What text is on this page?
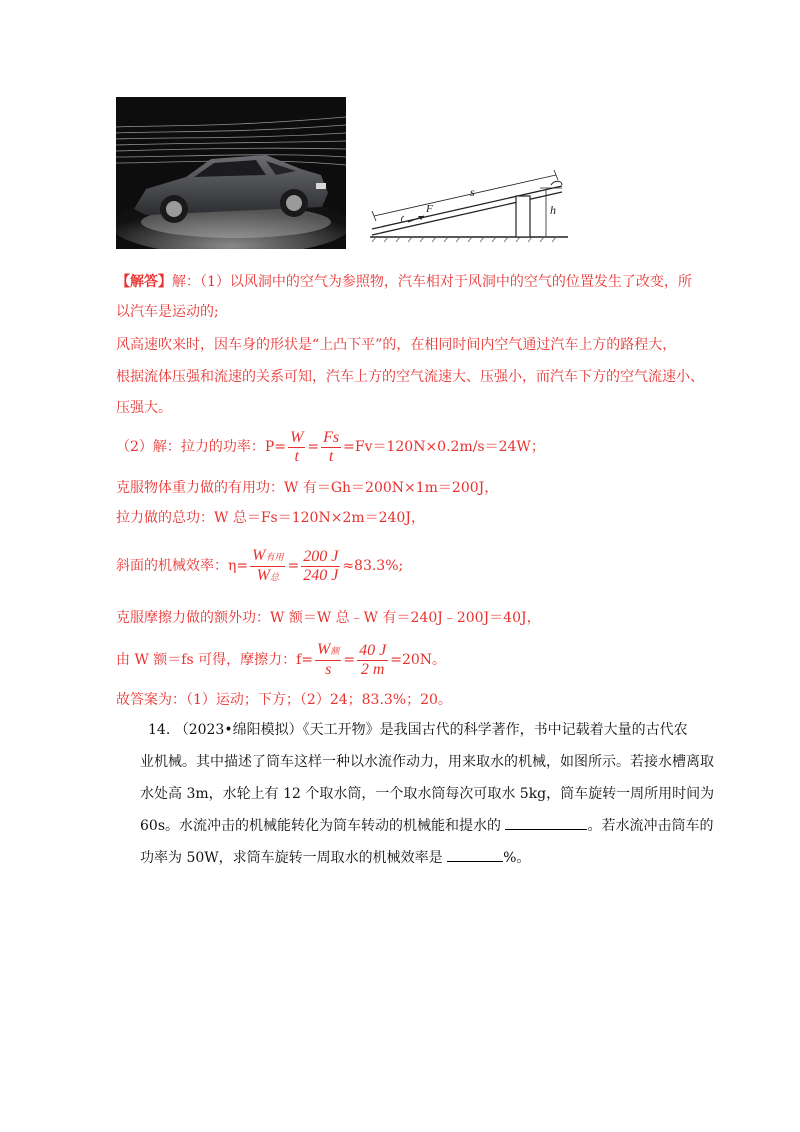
s
F	h
【解答】解：（1）以风洞中的空气为参照物，汽车相对于风洞中的空气的位置发生了改变，所
以汽车是运动的;
风高速吹来时，因车身的形状是“上凸下平”的，在相同时间内空气通过汽车上方的路程大，
根据流体压强和流速的关系可知，汽车上方的空气流速大、压强小，而汽车下方的空气流速小、
压强大。
（2）解：拉力的功率：$P= \frac{W}{t} = \frac{Fs}{t} =Fv=120N\times 0.2m/s=24W$；
克服物体重力做的有用功：W 有＝Gh＝200N×1m＝200J，
拉力做的总功：W 总＝Fs＝120N×2m＝240J，
斜面的机械效率：$\eta= \frac{\text{W有用}}{\text{W总}} = \frac{200 J}{240 J} \approx 83.3\%$;
克服摩擦力做的额外功：W 额＝W 总﹣W 有＝240J﹣200J＝40J，
由 W 额＝fs 可得，摩擦力：$f= \frac{\text{W额}}{s} = \frac{40 J}{2 m} =20N$。
故答案为：（1）运动；下方；（2）24；83.3%；20。
14. （2023•绵阳模拟）《天工开物》是我国古代的科学著作，书中记载着大量的古代农
业机械。其中描述了筒车这样一种以水流作动力，用来取水的机械，如图所示。若接水槽离取
水处高 3m，水轮上有 12 个取水筒，一个取水筒每次可取水 5kg，筒车旋转一周所用时间为
60s。水流冲击的机械能转化为筒车转动的机械能和提水的	。若水流冲击筒车的
功率为 50W，求筒车旋转一周取水的机械效率是	%。
